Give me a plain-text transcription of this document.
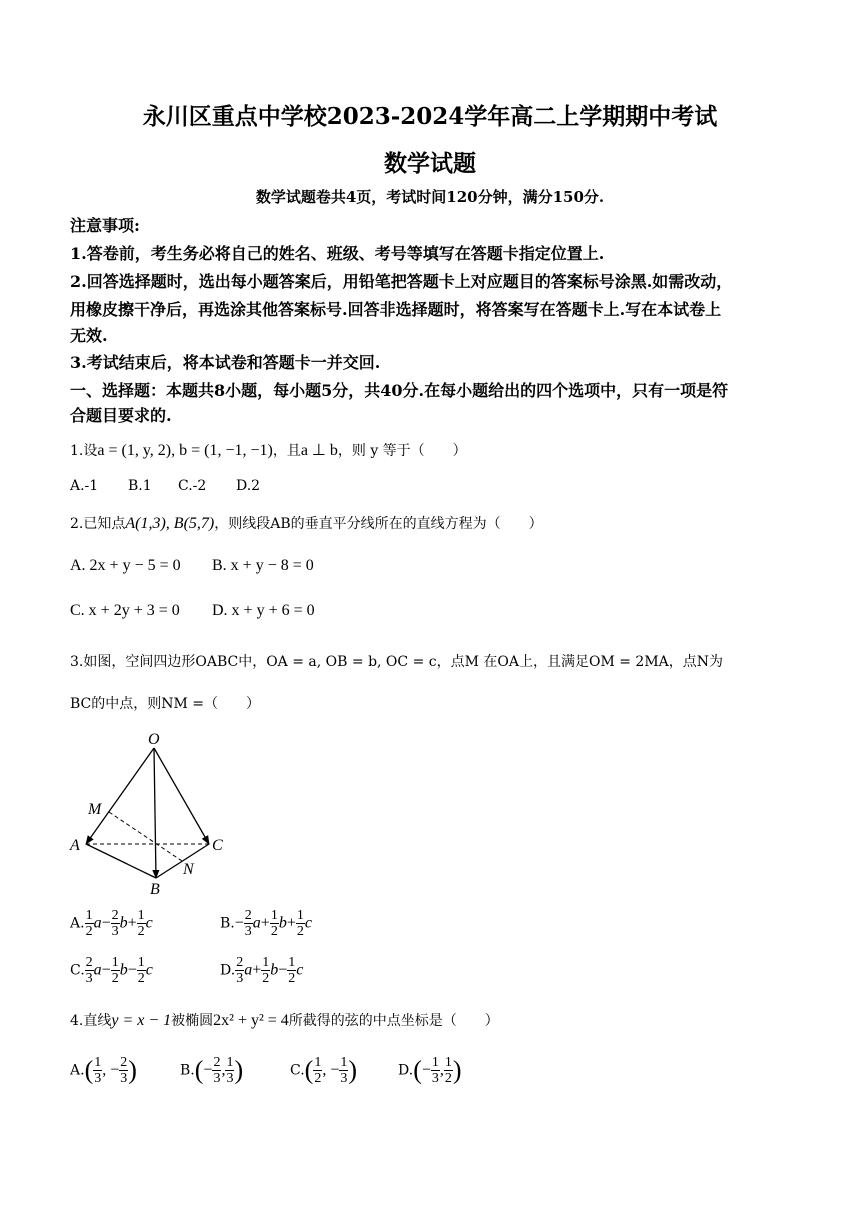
永川区重点中学校2023-2024学年高二上学期期中考试
数学试题
数学试题卷共4页，考试时间120分钟，满分150分.
注意事项:
1.答卷前，考生务必将自己的姓名、班级、考号等填写在答题卡指定位置上.
2.回答选择题时，选出每小题答案后，用铅笔把答题卡上对应题目的答案标号涂黑.如需改动，
用橡皮擦干净后，再选涂其他答案标号.回答非选择题时，将答案写在答题卡上.写在本试卷上
无效.
3.考试结束后，将本试卷和答题卡一并交回.
一、选择题：本题共8小题，每小题5分，共40分.在每小题给出的四个选项中，只有一项是符
合题目要求的.
1.设a = (1, y, 2), b = (1, −1, −1)，且a ⊥ b，则 y 等于（　　）
A.-1 B.1 C.-2 D.2
2.已知点A(1,3), B(5,7)，则线段AB的垂直平分线所在的直线方程为（　　）
A. 2x + y − 5 = 0 B. x + y − 8 = 0
C. x + 2y + 3 = 0 D. x + y + 6 = 0
3.如图，空间四边形OABC中，OA = a, OB = b, OC = c，点M 在OA上，且满足OM = 2MA，点N为
BC的中点，则NM =（　　）
O
M
A	C
B
N
A. $\frac{1}{2} a- \frac{2}{3} b+ \frac{1}{2}$ c	$B.- \frac{2}{3} a+ \frac{1}{2} b+ \frac{1}{2}$ c
C. $\frac{2}{3} a- \frac{1}{2} b- \frac{1}{2}$ c	D. $\frac{2}{3} a+ \frac{1}{2} b- \frac{1}{2}$ c
4.直线y = x − 1被椭圆2x² + y² = 4所截得的弦的中点坐标是（　　）
$A.( \frac{1}{3}$ , − $\frac{2}{3}$ )	$B.(- \frac{2}{3}$ , $\frac{1}{3}$ )	$C.( \frac{1}{2}$ , − $\frac{1}{3}$ )	$D.(- \frac{1}{3}$ , $\frac{1}{2}$ )
